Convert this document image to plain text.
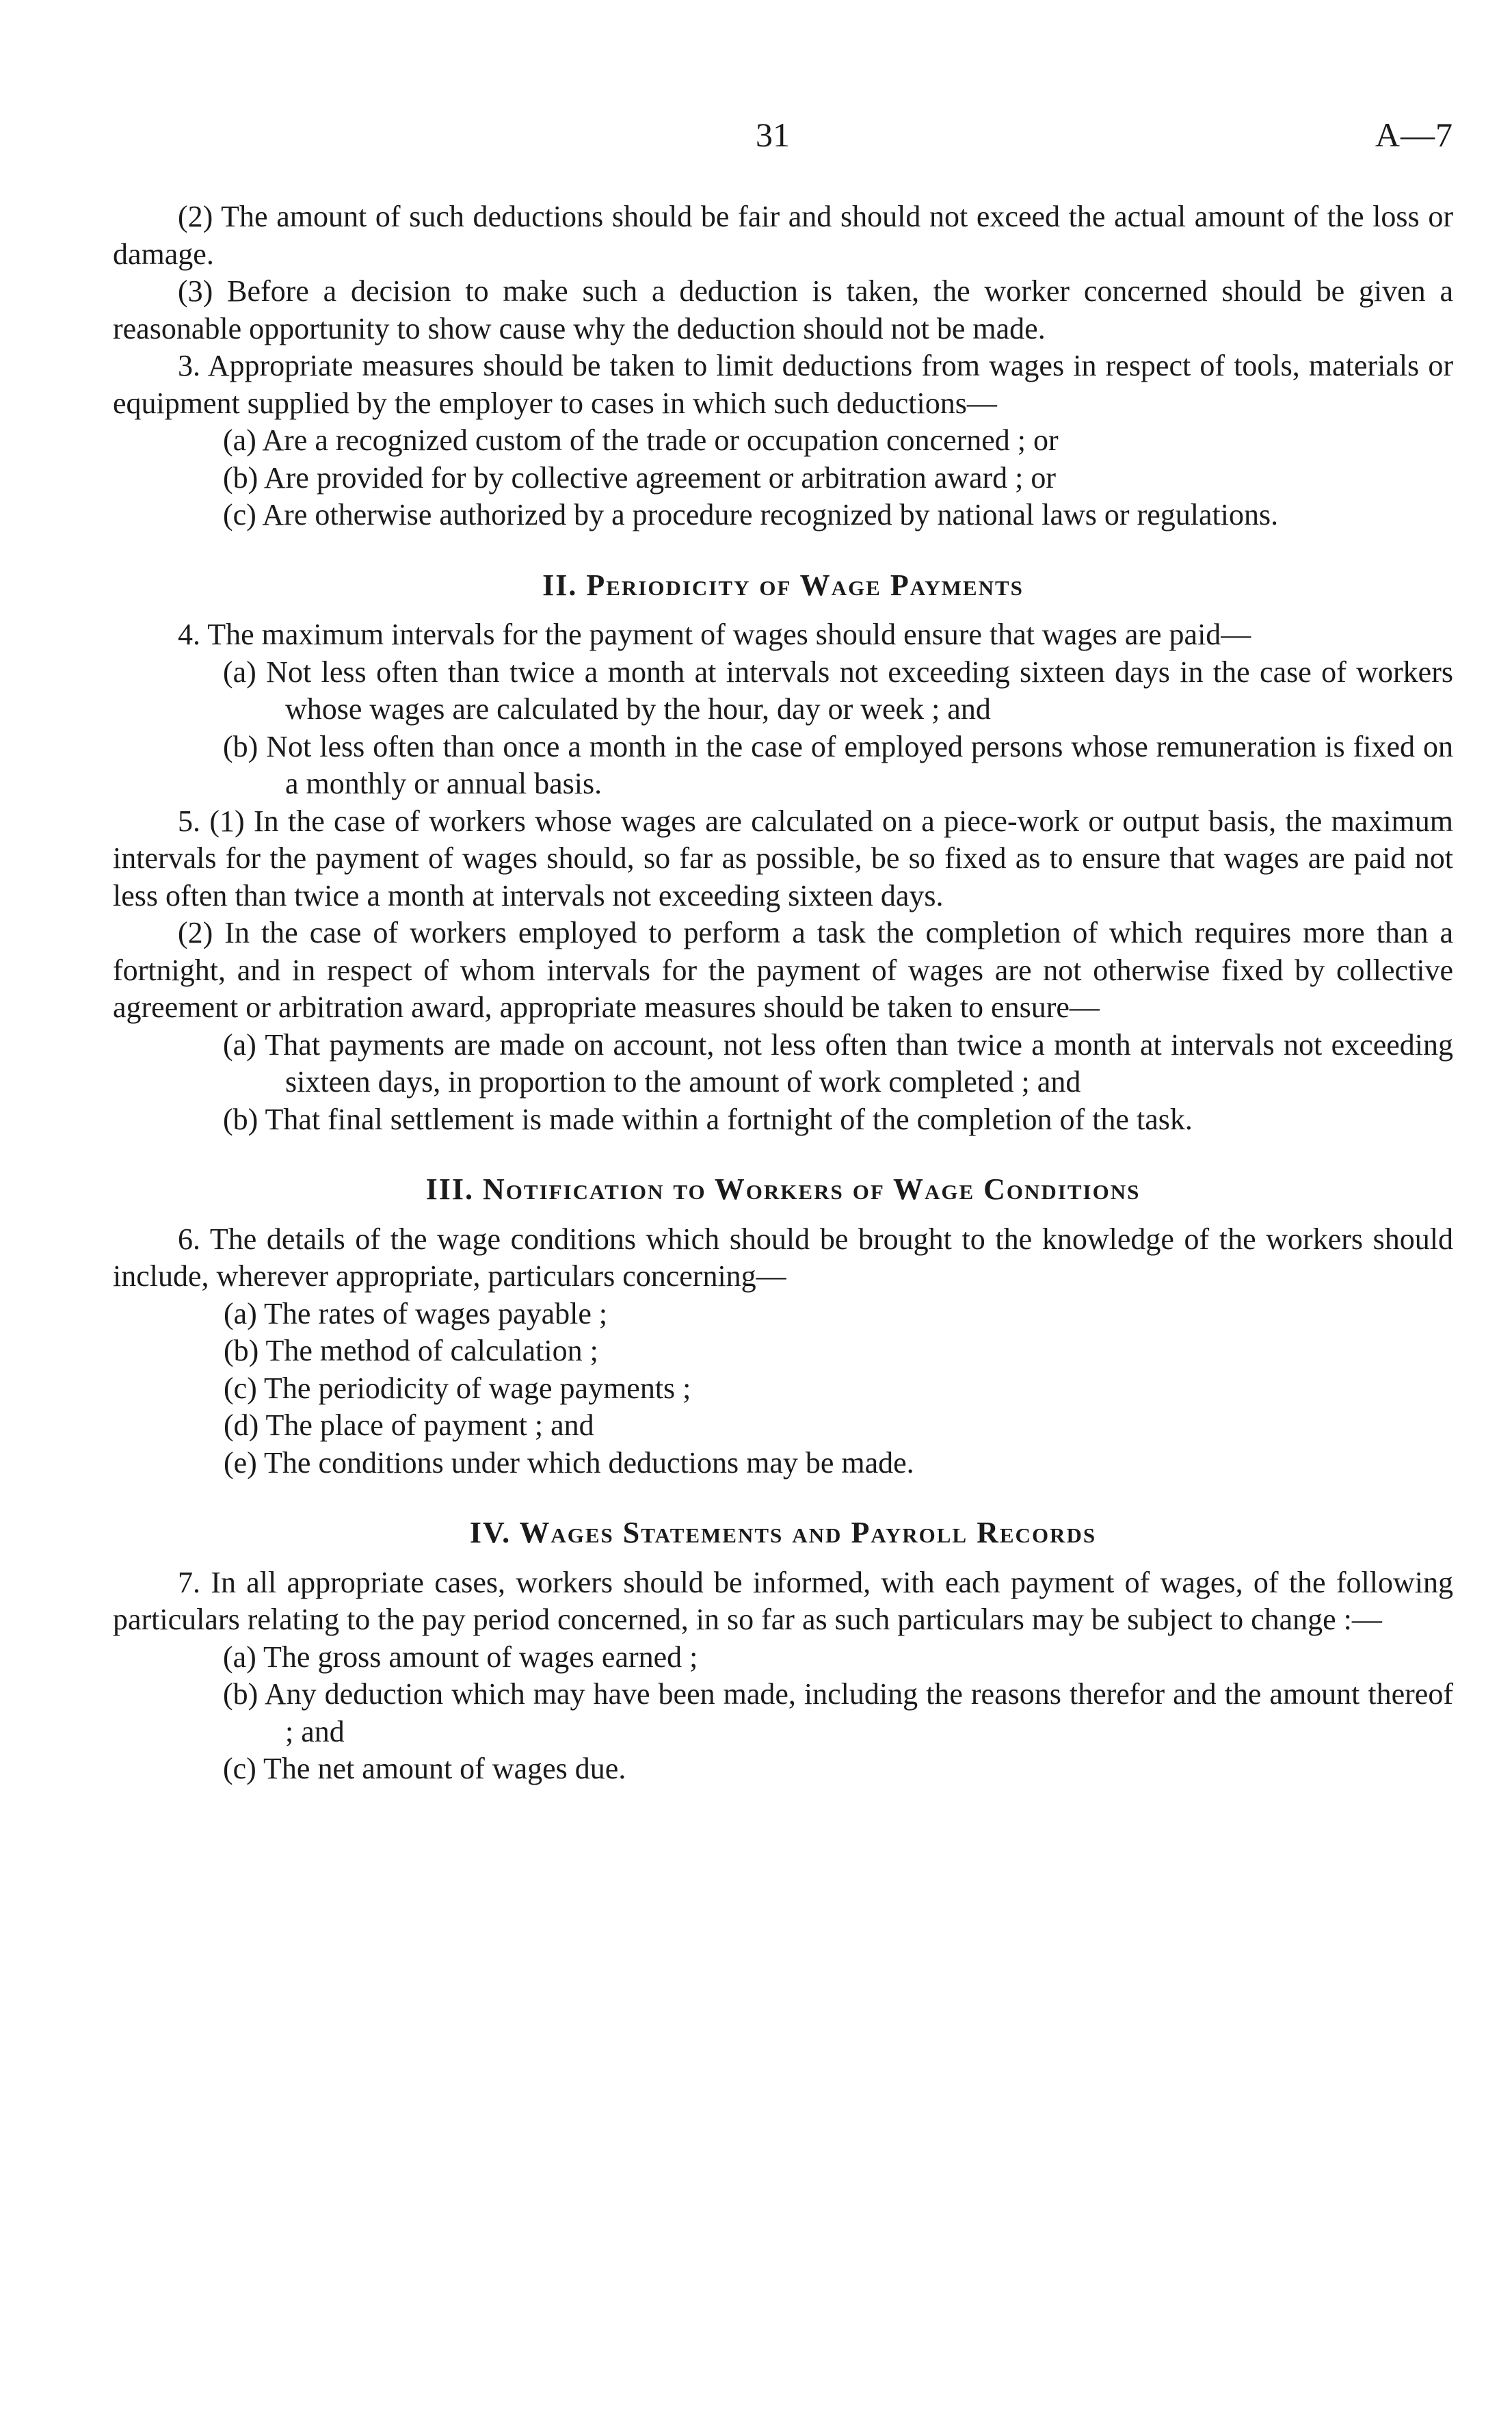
31	A—7

(2) The amount of such deductions should be fair and should not exceed the actual amount of the loss or damage.

(3) Before a decision to make such a deduction is taken, the worker concerned should be given a reasonable opportunity to show cause why the deduction should not be made.

3. Appropriate measures should be taken to limit deductions from wages in respect of tools, materials or equipment supplied by the employer to cases in which such deductions—

(a) Are a recognized custom of the trade or occupation concerned ; or

(b) Are provided for by collective agreement or arbitration award ; or

(c) Are otherwise authorized by a procedure recognized by national laws or regulations.

II. Periodicity of Wage Payments

4. The maximum intervals for the payment of wages should ensure that wages are paid—

(a) Not less often than twice a month at intervals not exceeding sixteen days in the case of workers whose wages are calculated by the hour, day or week ; and

(b) Not less often than once a month in the case of employed persons whose remuneration is fixed on a monthly or annual basis.

5. (1) In the case of workers whose wages are calculated on a piece-work or output basis, the maximum intervals for the payment of wages should, so far as possible, be so fixed as to ensure that wages are paid not less often than twice a month at intervals not exceeding sixteen days.

(2) In the case of workers employed to perform a task the completion of which requires more than a fortnight, and in respect of whom intervals for the payment of wages are not otherwise fixed by collective agreement or arbitration award, appropriate measures should be taken to ensure—

(a) That payments are made on account, not less often than twice a month at intervals not exceeding sixteen days, in proportion to the amount of work completed ; and

(b) That final settlement is made within a fortnight of the completion of the task.

III. Notification to Workers of Wage Conditions

6. The details of the wage conditions which should be brought to the knowledge of the workers should include, wherever appropriate, particulars concerning—

(a) The rates of wages payable ;

(b) The method of calculation ;

(c) The periodicity of wage payments ;

(d) The place of payment ; and

(e) The conditions under which deductions may be made.

IV. Wages Statements and Payroll Records

7. In all appropriate cases, workers should be informed, with each payment of wages, of the following particulars relating to the pay period concerned, in so far as such particulars may be subject to change :—

(a) The gross amount of wages earned ;

(b) Any deduction which may have been made, including the reasons therefor and the amount thereof ; and

(c) The net amount of wages due.
